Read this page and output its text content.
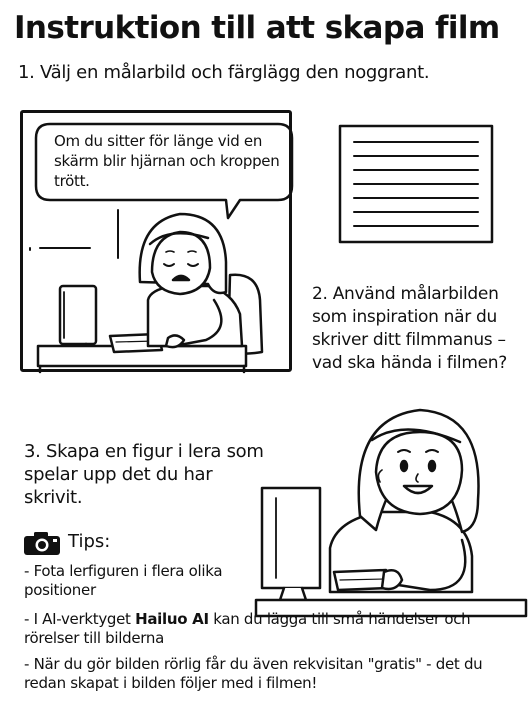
Instruktion till att skapa film
1. Välj en målarbild och färglägg den noggrant.
Om du sitter för länge vid en skärm blir hjärnan och kroppen trött.
2. Använd målarbilden som inspiration när du skriver ditt filmmanus – vad ska hända i filmen?
3. Skapa en figur i lera som spelar upp det du har skrivit.
Tips:
- Fota lerfiguren i flera olika positioner
- I AI-verktyget Hailuo AI kan du lägga till små händelser och rörelser till bilderna
- När du gör bilden rörlig får du även rekvisitan "gratis" - det du redan skapat i bilden följer med i filmen!
